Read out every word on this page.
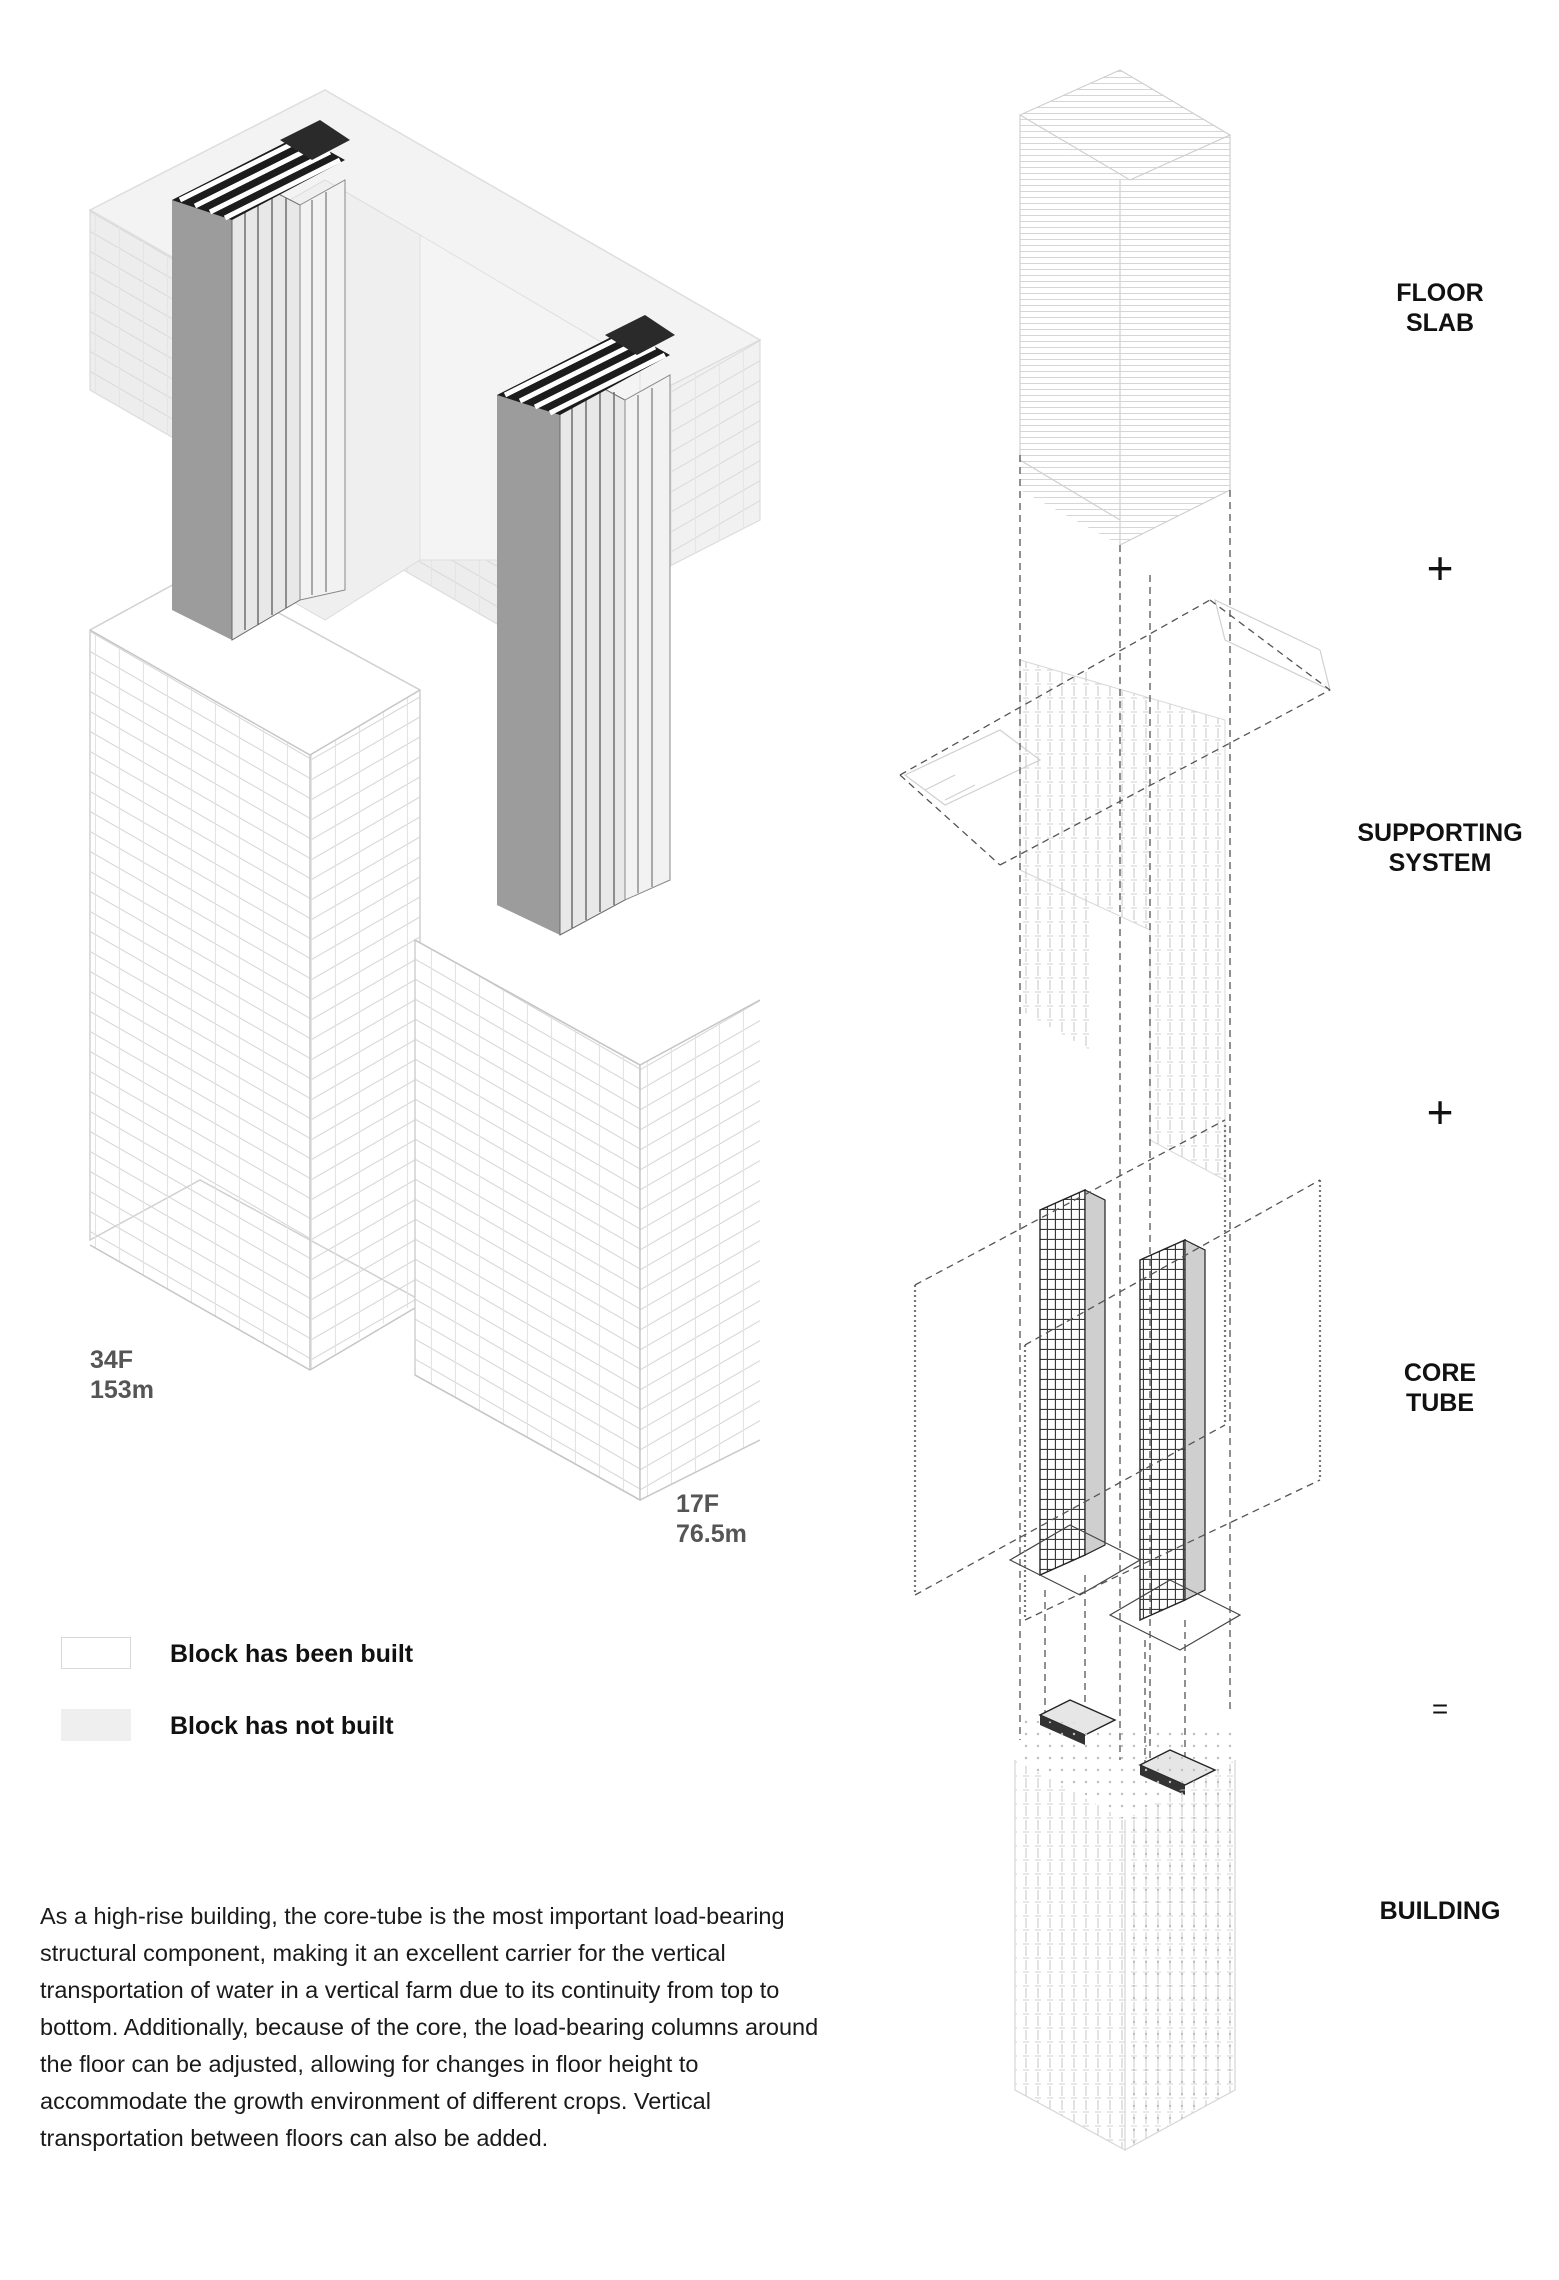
34F
153m
17F
76.5m
FLOOR
SLAB
+
SUPPORTING
SYSTEM
+
CORE
TUBE
=
BUILDING
Block has been built
Block has not built

As a high-rise building, the core-tube is the most important load-bearing structural component, making it an excellent carrier for the vertical transportation of water in a vertical farm due to its continuity from top to bottom. Additionally, because of the core, the load-bearing columns around the floor can be adjusted, allowing for changes in floor height to accommodate the growth environment of different crops. Vertical transportation between floors can also be added.
